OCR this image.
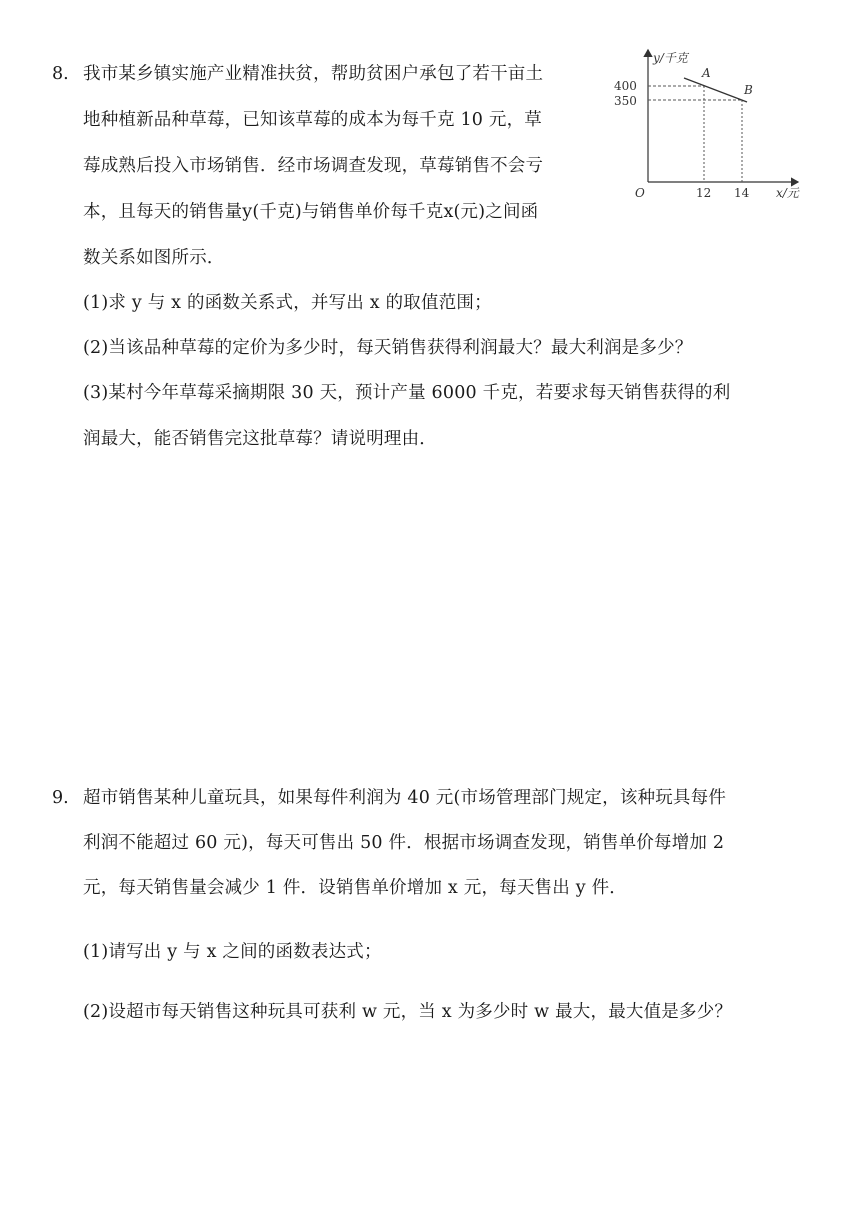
8. 我市某乡镇实施产业精准扶贫，帮助贫困户承包了若干亩土
地种植新品种草莓，已知该草莓的成本为每千克 10 元，草
莓成熟后投入市场销售．经市场调查发现，草莓销售不会亏
本，且每天的销售量y(千克)与销售单价每千克x(元)之间函
数关系如图所示．
(1)求 y 与 x 的函数关系式，并写出 x 的取值范围；
(2)当该品种草莓的定价为多少时，每天销售获得利润最大？最大利润是多少？
(3)某村今年草莓采摘期限 30 天，预计产量 6000 千克，若要求每天销售获得的利
润最大，能否销售完这批草莓？请说明理由．
y/千克
x/元
O
400
350
12 14
A
B
9. 超市销售某种儿童玩具，如果每件利润为 40 元(市场管理部门规定，该种玩具每件
利润不能超过 60 元)，每天可售出 50 件．根据市场调查发现，销售单价每增加 2
元，每天销售量会减少 1 件．设销售单价增加 x 元，每天售出 y 件．
(1)请写出 y 与 x 之间的函数表达式；
(2)设超市每天销售这种玩具可获利 w 元，当 x 为多少时 w 最大，最大值是多少？
